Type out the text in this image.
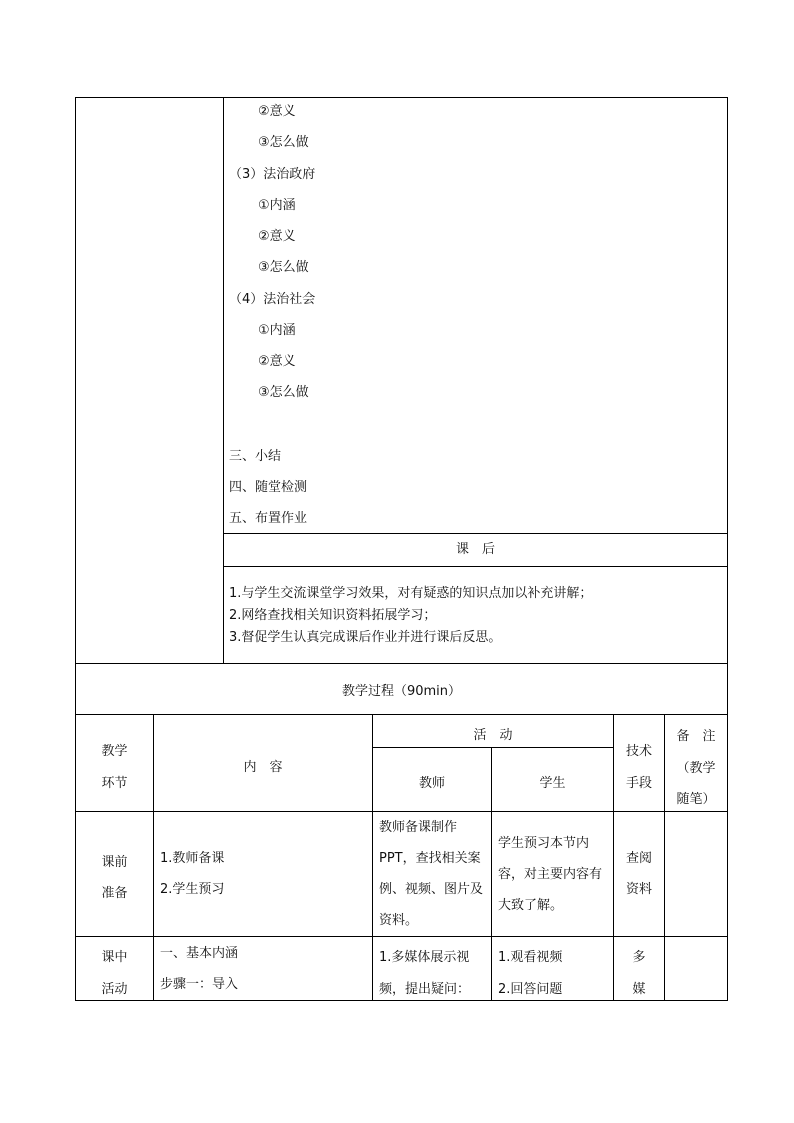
②意义
③怎么做
（3）法治政府
①内涵
②意义
③怎么做
（4）法治社会
①内涵
②意义
③怎么做
三、小结
四、随堂检测
五、布置作业
课　后
1.与学生交流课堂学习效果，对有疑惑的知识点加以补充讲解；
2.网络查找相关知识资料拓展学习；
3.督促学生认真完成课后作业并进行课后反思。
教学过程（90min）
教学
环节
内　容
活　动
教师	学生
技术
手段
备　注
（教学
随笔）
课前
准备
1.教师备课
2.学生预习
教师备课制作
PPT，查找相关案
例、视频、图片及
资料。
学生预习本节内
容，对主要内容有
大致了解。
查阅
资料
课中
活动
一、基本内涵
步骤一：导入
1.多媒体展示视
频，提出疑问：
1.观看视频
2.回答问题
多
媒
